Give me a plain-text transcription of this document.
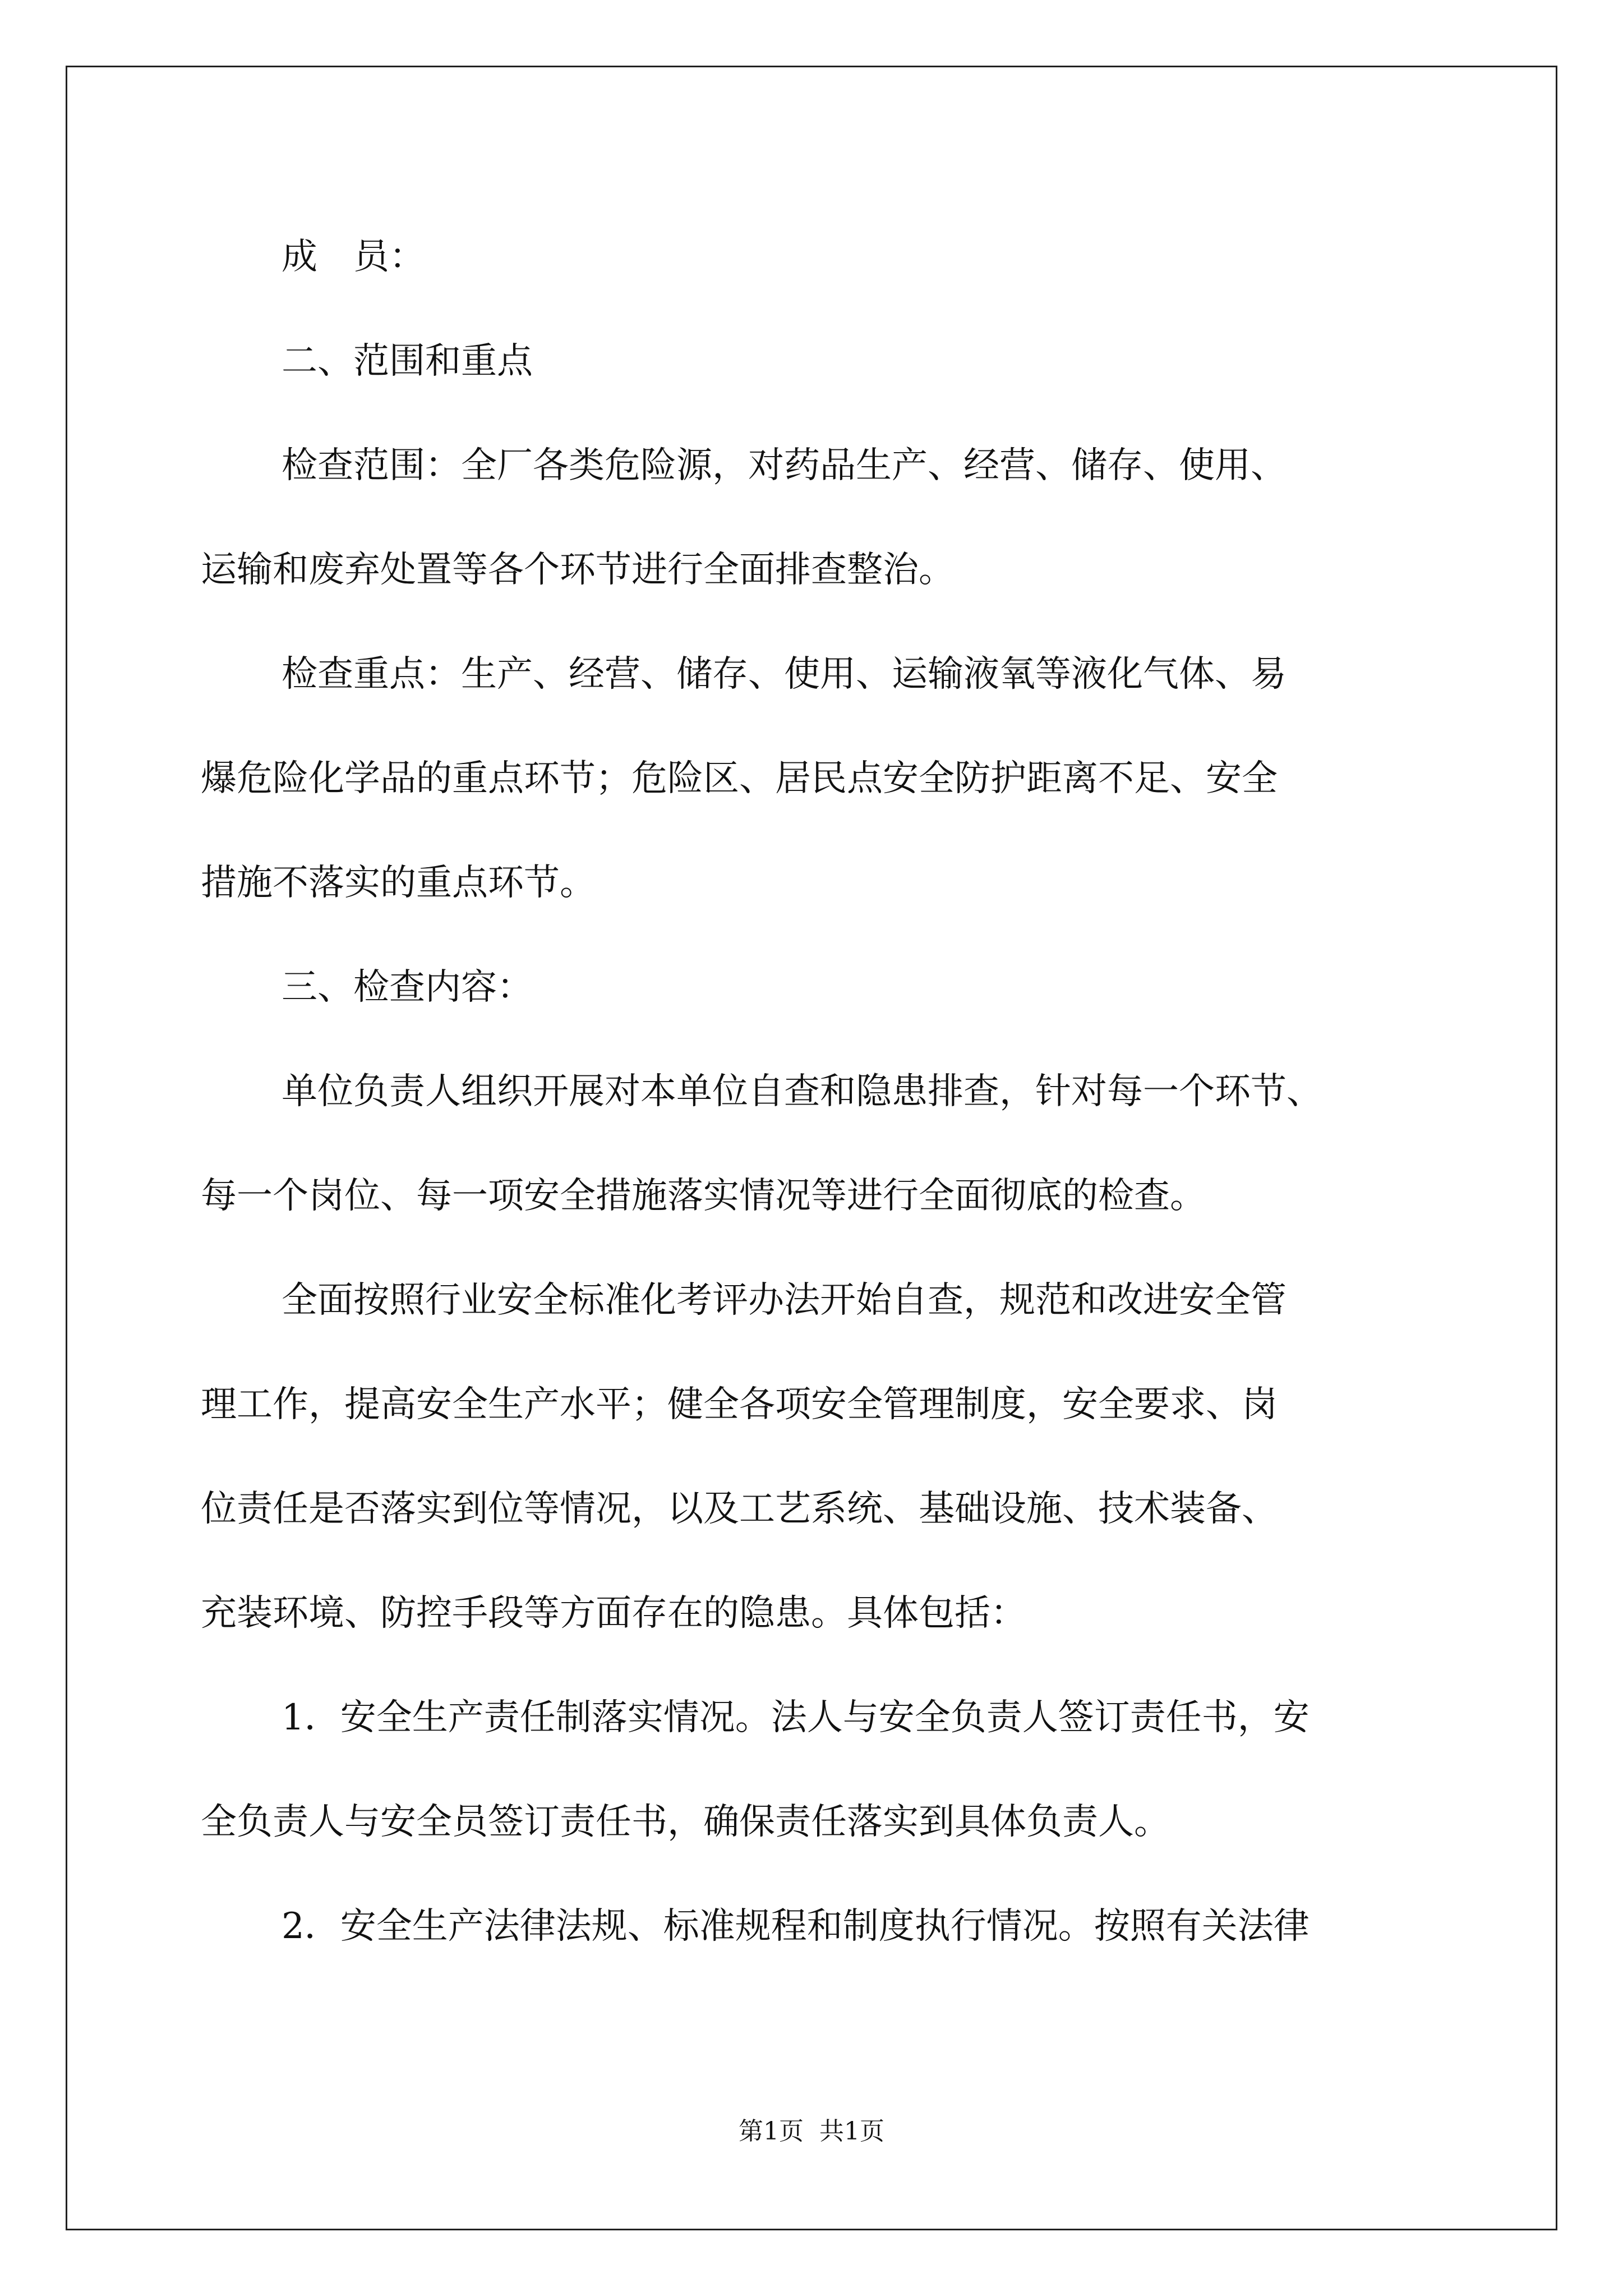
成　员：
二、范围和重点
检查范围：全厂各类危险源，对药品生产、经营、储存、使用、
运输和废弃处置等各个环节进行全面排查整治。
检查重点：生产、经营、储存、使用、运输液氧等液化气体、易
爆危险化学品的重点环节；危险区、居民点安全防护距离不足、安全
措施不落实的重点环节。
三、检查内容：
单位负责人组织开展对本单位自查和隐患排查，针对每一个环节、
每一个岗位、每一项安全措施落实情况等进行全面彻底的检查。
全面按照行业安全标准化考评办法开始自查，规范和改进安全管
理工作，提高安全生产水平；健全各项安全管理制度，安全要求、岗
位责任是否落实到位等情况，以及工艺系统、基础设施、技术装备、
充装环境、防控手段等方面存在的隐患。具体包括：
1．安全生产责任制落实情况。法人与安全负责人签订责任书，安
全负责人与安全员签订责任书，确保责任落实到具体负责人。
2．安全生产法律法规、标准规程和制度执行情况。按照有关法律
第1页 共1页
